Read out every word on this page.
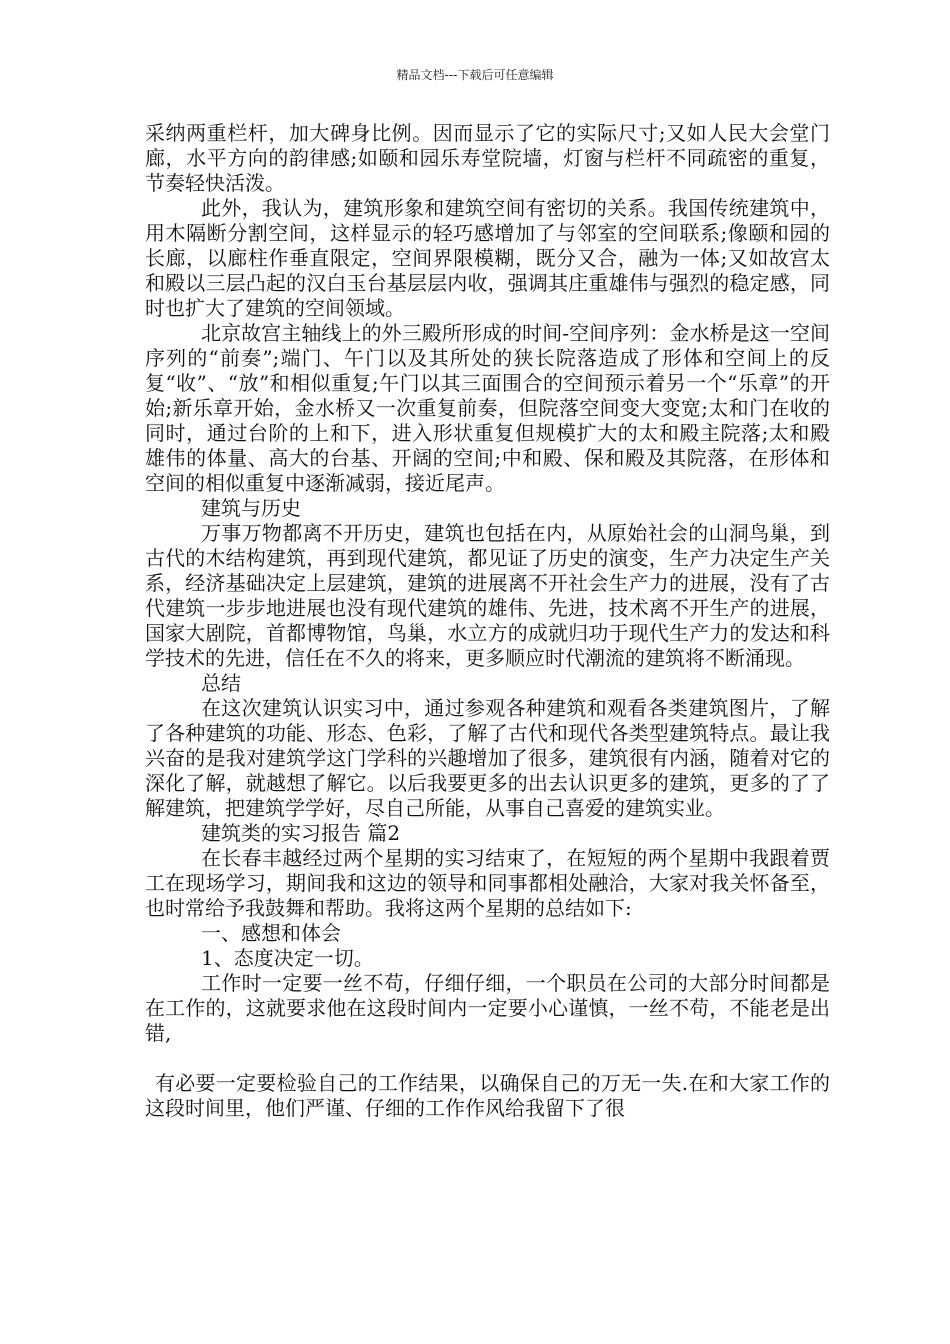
精品文档---下载后可任意编辑

采纳两重栏杆，加大碑身比例。因而显示了它的实际尺寸;又如人民大会堂门廊，水平方向的韵律感;如颐和园乐寿堂院墙，灯窗与栏杆不同疏密的重复，节奏轻快活泼。

此外，我认为，建筑形象和建筑空间有密切的关系。我国传统建筑中，用木隔断分割空间，这样显示的轻巧感增加了与邻室的空间联系;像颐和园的长廊，以廊柱作垂直限定，空间界限模糊，既分又合，融为一体;又如故宫太和殿以三层凸起的汉白玉台基层层内收，强调其庄重雄伟与强烈的稳定感，同时也扩大了建筑的空间领域。

北京故宫主轴线上的外三殿所形成的时间-空间序列：金水桥是这一空间序列的“前奏”;端门、午门以及其所处的狭长院落造成了形体和空间上的反复“收”、“放”和相似重复;午门以其三面围合的空间预示着另一个“乐章”的开始;新乐章开始，金水桥又一次重复前奏，但院落空间变大变宽;太和门在收的同时，通过台阶的上和下，进入形状重复但规模扩大的太和殿主院落;太和殿雄伟的体量、高大的台基、开阔的空间;中和殿、保和殿及其院落，在形体和空间的相似重复中逐渐减弱，接近尾声。

建筑与历史

万事万物都离不开历史，建筑也包括在内，从原始社会的山洞鸟巢，到古代的木结构建筑，再到现代建筑，都见证了历史的演变，生产力决定生产关系，经济基础决定上层建筑，建筑的进展离不开社会生产力的进展，没有了古代建筑一步步地进展也没有现代建筑的雄伟、先进，技术离不开生产的进展，国家大剧院，首都博物馆，鸟巢，水立方的成就归功于现代生产力的发达和科学技术的先进，信任在不久的将来，更多顺应时代潮流的建筑将不断涌现。

总结

在这次建筑认识实习中，通过参观各种建筑和观看各类建筑图片，了解了各种建筑的功能、形态、色彩，了解了古代和现代各类型建筑特点。最让我兴奋的是我对建筑学这门学科的兴趣增加了很多，建筑很有内涵，随着对它的深化了解，就越想了解它。以后我要更多的出去认识更多的建筑，更多的了了解建筑，把建筑学学好，尽自己所能，从事自己喜爱的建筑实业。

建筑类的实习报告 篇2

在长春丰越经过两个星期的实习结束了，在短短的两个星期中我跟着贾工在现场学习，期间我和这边的领导和同事都相处融洽，大家对我关怀备至，也时常给予我鼓舞和帮助。我将这两个星期的总结如下:

一、感想和体会

1、态度决定一切。

工作时一定要一丝不苟，仔细仔细，一个职员在公司的大部分时间都是在工作的，这就要求他在这段时间内一定要小心谨慎，一丝不苟，不能老是出错,

有必要一定要检验自己的工作结果，以确保自己的万无一失.在和大家工作的这段时间里，他们严谨、仔细的工作作风给我留下了很
